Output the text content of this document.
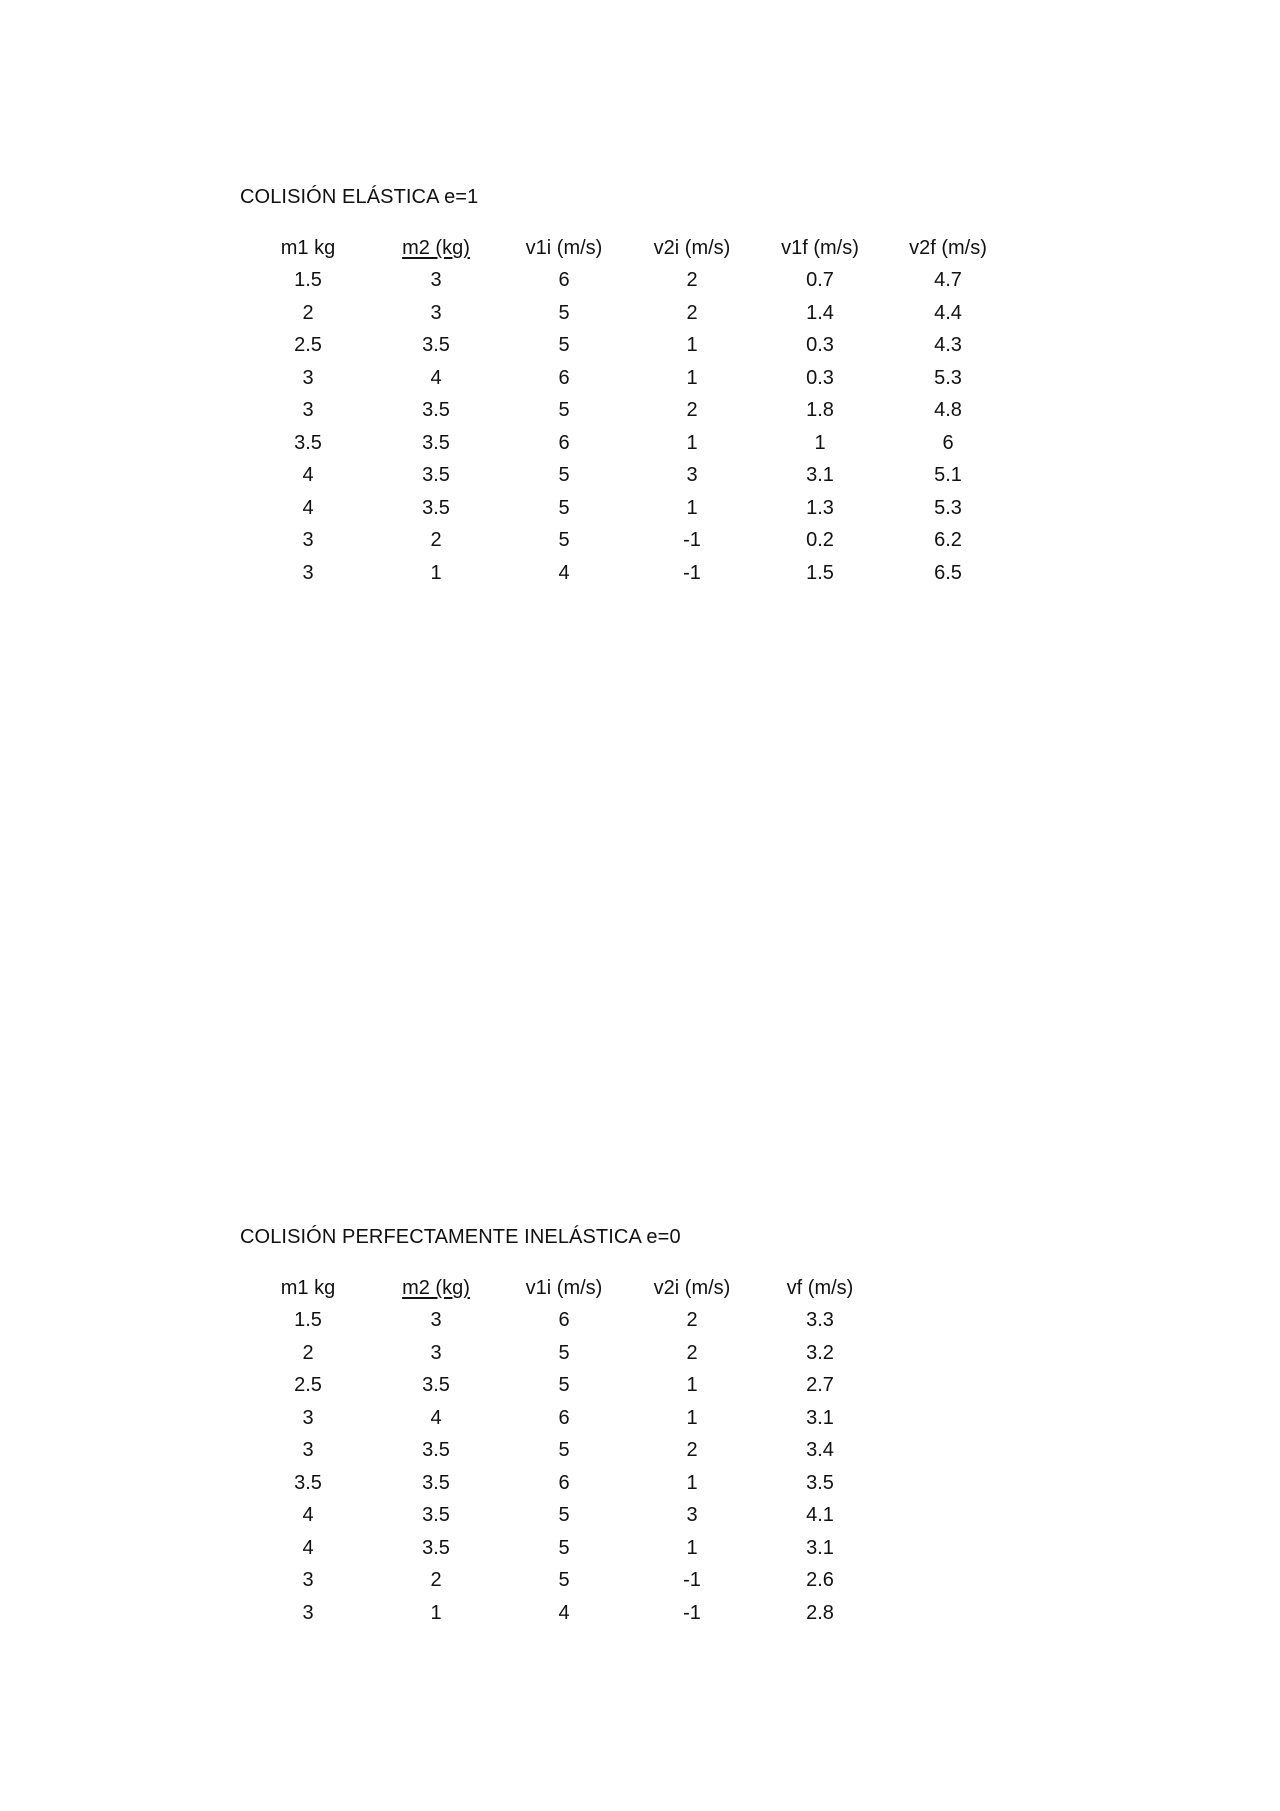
COLISIÓN ELÁSTICA e=1
m1 kg	m2 (kg)	v1i (m/s)	v2i (m/s)	v1f (m/s)	v2f (m/s)
1.5	3	6	2	0.7	4.7
2	3	5	2	1.4	4.4
2.5	3.5	5	1	0.3	4.3
3	4	6	1	0.3	5.3
3	3.5	5	2	1.8	4.8
3.5	3.5	6	1	1	6
4	3.5	5	3	3.1	5.1
4	3.5	5	1	1.3	5.3
3	2	5	-1	0.2	6.2
3	1	4	-1	1.5	6.5
COLISIÓN PERFECTAMENTE INELÁSTICA e=0
m1 kg	m2 (kg)	v1i (m/s)	v2i (m/s)	vf (m/s)
1.5	3	6	2	3.3
2	3	5	2	3.2
2.5	3.5	5	1	2.7
3	4	6	1	3.1
3	3.5	5	2	3.4
3.5	3.5	6	1	3.5
4	3.5	5	3	4.1
4	3.5	5	1	3.1
3	2	5	-1	2.6
3	1	4	-1	2.8
